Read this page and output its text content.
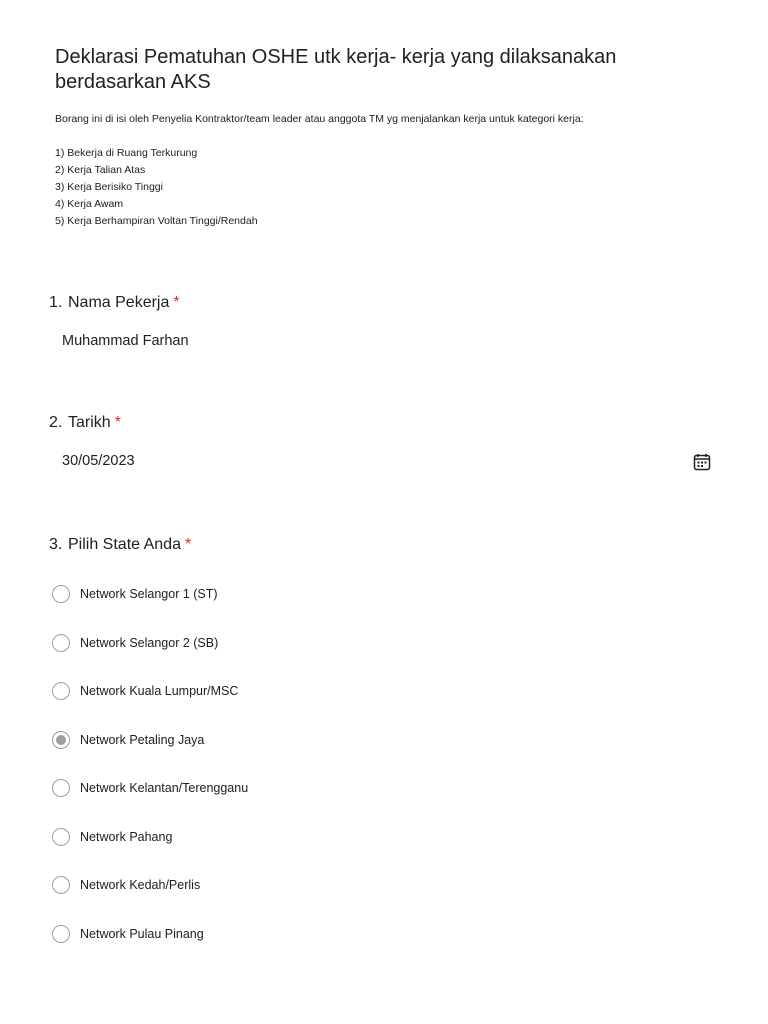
Deklarasi Pematuhan OSHE utk kerja- kerja yang dilaksanakan berdasarkan AKS
Borang ini di isi oleh Penyelia Kontraktor/team leader atau anggota TM yg menjalankan kerja untuk kategori kerja:
1) Bekerja di Ruang Terkurung
2) Kerja Talian Atas
3) Kerja Berisiko Tinggi
4) Kerja Awam
5) Kerja Berhampiran Voltan Tinggi/Rendah
1. Nama Pekerja *
Muhammad Farhan
2. Tarikh *
30/05/2023
3. Pilih State Anda *
Network Selangor 1 (ST)
Network Selangor 2 (SB)
Network Kuala Lumpur/MSC
Network Petaling Jaya
Network Kelantan/Terengganu
Network Pahang
Network Kedah/Perlis
Network Pulau Pinang
